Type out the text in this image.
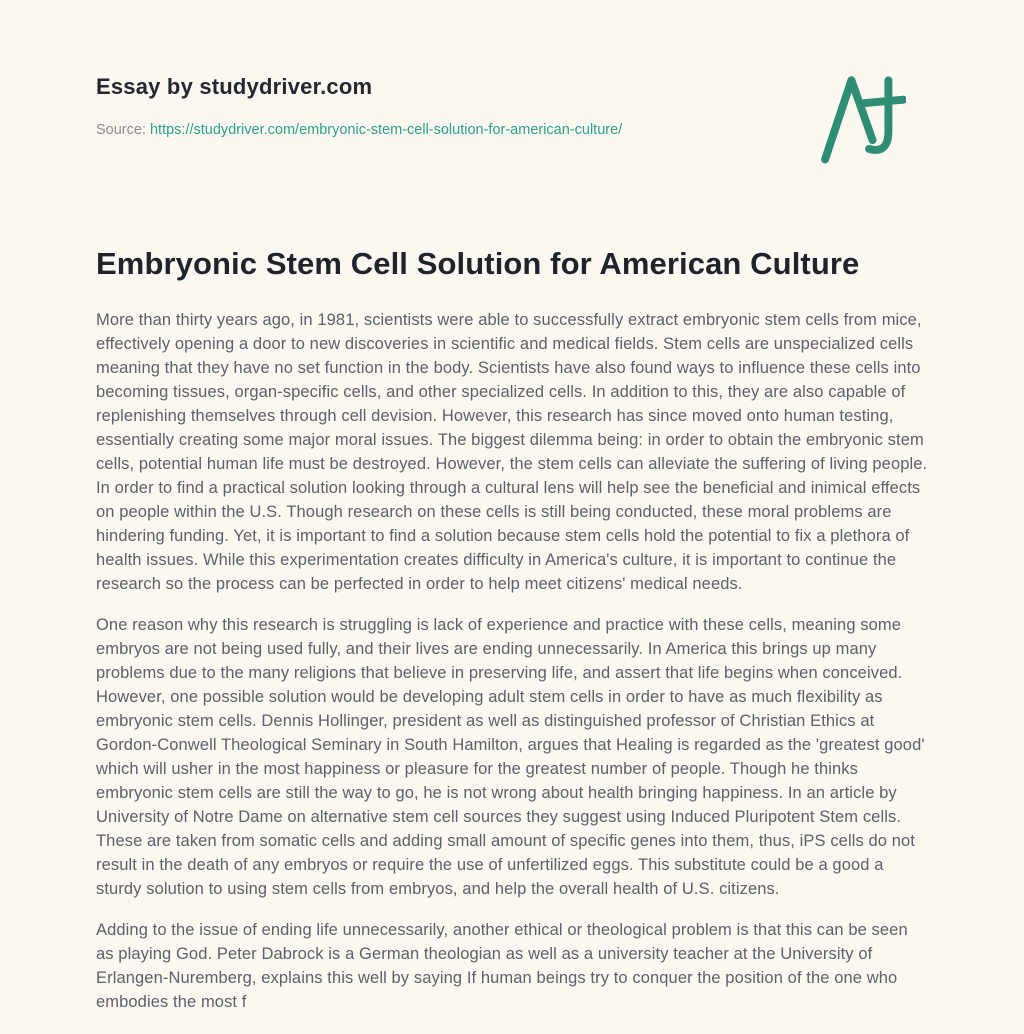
Essay by studydriver.com
Source: https://studydriver.com/embryonic-stem-cell-solution-for-american-culture/
Embryonic Stem Cell Solution for American Culture

More than thirty years ago, in 1981, scientists were able to successfully extract embryonic stem cells from mice, effectively opening a door to new discoveries in scientific and medical fields. Stem cells are unspecialized cells meaning that they have no set function in the body. Scientists have also found ways to influence these cells into becoming tissues, organ-specific cells, and other specialized cells. In addition to this, they are also capable of replenishing themselves through cell devision. However, this research has since moved onto human testing, essentially creating some major moral issues. The biggest dilemma being: in order to obtain the embryonic stem cells, potential human life must be destroyed. However, the stem cells can alleviate the suffering of living people. In order to find a practical solution looking through a cultural lens will help see the beneficial and inimical effects on people within the U.S. Though research on these cells is still being conducted, these moral problems are hindering funding. Yet, it is important to find a solution because stem cells hold the potential to fix a plethora of health issues. While this experimentation creates difficulty in America's culture, it is important to continue the research so the process can be perfected in order to help meet citizens' medical needs.

One reason why this research is struggling is lack of experience and practice with these cells, meaning some embryos are not being used fully, and their lives are ending unnecessarily. In America this brings up many problems due to the many religions that believe in preserving life, and assert that life begins when conceived. However, one possible solution would be developing adult stem cells in order to have as much flexibility as embryonic stem cells. Dennis Hollinger, president as well as distinguished professor of Christian Ethics at Gordon-Conwell Theological Seminary in South Hamilton, argues that Healing is regarded as the 'greatest good' which will usher in the most happiness or pleasure for the greatest number of people. Though he thinks embryonic stem cells are still the way to go, he is not wrong about health bringing happiness. In an article by University of Notre Dame on alternative stem cell sources they suggest using Induced Pluripotent Stem cells. These are taken from somatic cells and adding small amount of specific genes into them, thus, iPS cells do not result in the death of any embryos or require the use of unfertilized eggs. This substitute could be a good a sturdy solution to using stem cells from embryos, and help the overall health of U.S. citizens.

Adding to the issue of ending life unnecessarily, another ethical or theological problem is that this can be seen as playing God. Peter Dabrock is a German theologian as well as a university teacher at the University of Erlangen-Nuremberg, explains this well by saying If human beings try to conquer the position of the one who embodies the most f
